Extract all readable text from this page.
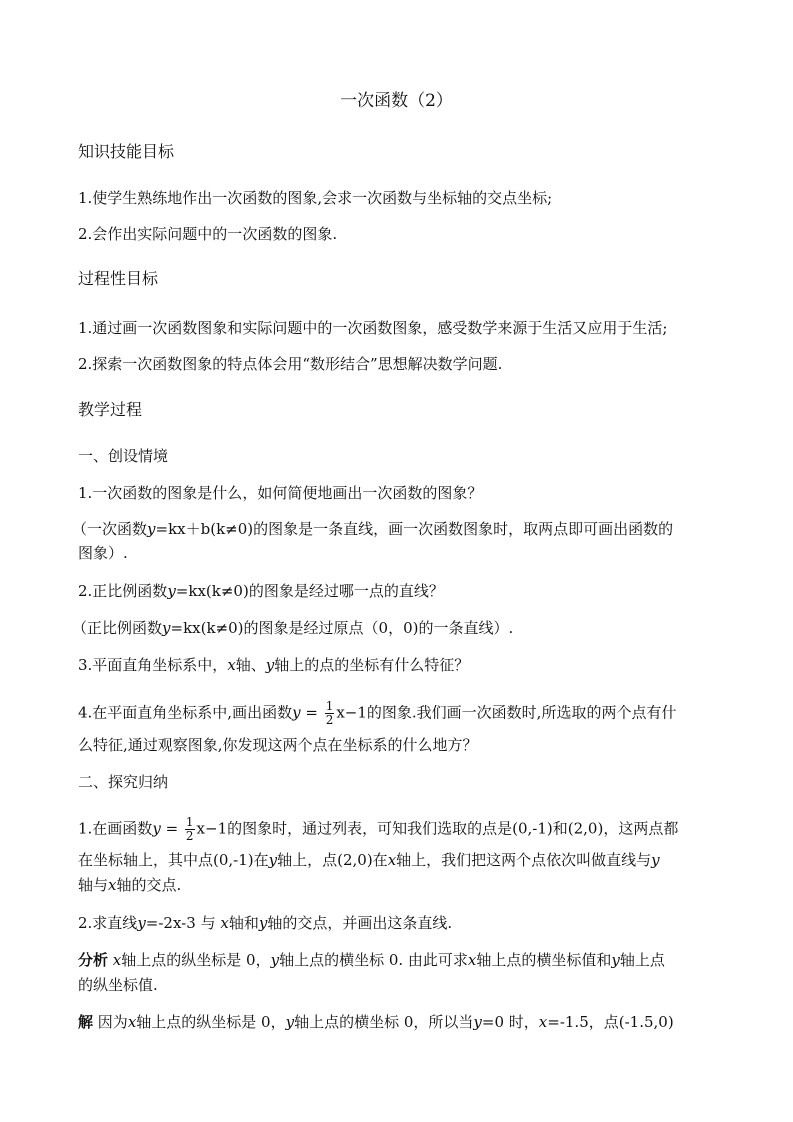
一次函数（2）
知识技能目标
1.使学生熟练地作出一次函数的图象,会求一次函数与坐标轴的交点坐标;
2.会作出实际问题中的一次函数的图象.
过程性目标
1.通过画一次函数图象和实际问题中的一次函数图象，感受数学来源于生活又应用于生活;
2.探索一次函数图象的特点体会用“数形结合”思想解决数学问题.
教学过程
一、创设情境
1.一次函数的图象是什么，如何简便地画出一次函数的图象？
（一次函数y=kx＋b(k≠0)的图象是一条直线，画一次函数图象时，取两点即可画出函数的
图象）.
2.正比例函数y=kx(k≠0)的图象是经过哪一点的直线？
（正比例函数y=kx(k≠0)的图象是经过原点（0，0)的一条直线）.
3.平面直角坐标系中，x轴、y轴上的点的坐标有什么特征？
4.在平面直角坐标系中,画出函数$y = \frac{1}{2} x-1$的图象.我们画一次函数时,所选取的两个点有什
么特征,通过观察图象,你发现这两个点在坐标系的什么地方？
二、探究归纳
1.在画函数$y = \frac{1}{2} x-1$的图象时，通过列表，可知我们选取的点是(0,-1)和(2,0)，这两点都
在坐标轴上，其中点(0,-1)在y轴上，点(2,0)在x轴上，我们把这两个点依次叫做直线与y
轴与x轴的交点.
2.求直线y=-2x-3 与 x轴和y轴的交点，并画出这条直线.
分析 x轴上点的纵坐标是 0，y轴上点的横坐标 0. 由此可求x轴上点的横坐标值和y轴上点
的纵坐标值.
解 因为x轴上点的纵坐标是 0，y轴上点的横坐标 0，所以当y=0 时，x=-1.5，点(-1.5,0)
